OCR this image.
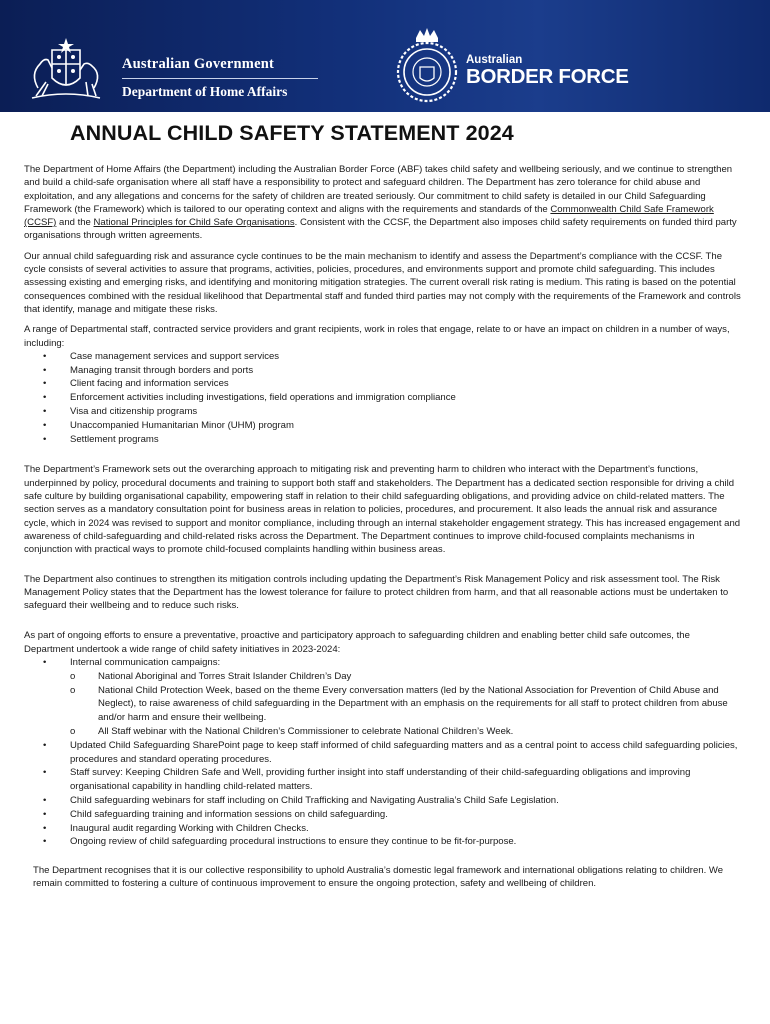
Australian Government
Department of Home Affairs
Australian
BORDER FORCE
ANNUAL CHILD SAFETY STATEMENT 2024

The Department of Home Affairs (the Department) including the Australian Border Force (ABF) takes child safety and wellbeing seriously, and we continue to strengthen and build a child-safe organisation where all staff have a responsibility to protect and safeguard children. The Department has zero tolerance for child abuse and exploitation, and any allegations and concerns for the safety of children are treated seriously. Our commitment to child safety is detailed in our Child Safeguarding Framework (the Framework) which is tailored to our operating context and aligns with the requirements and standards of the Commonwealth Child Safe Framework (CCSF) and the National Principles for Child Safe Organisations. Consistent with the CCSF, the Department also imposes child safety requirements on funded third party organisations through written agreements.

Our annual child safeguarding risk and assurance cycle continues to be the main mechanism to identify and assess the Department’s compliance with the CCSF. The cycle consists of several activities to assure that programs, activities, policies, procedures, and environments support and promote child safeguarding. This includes assessing existing and emerging risks, and identifying and monitoring mitigation strategies. The current overall risk rating is medium. This rating is based on the potential consequences combined with the residual likelihood that Departmental staff and funded third parties may not comply with the requirements of the Framework and controls that identify, manage and mitigate these risks.

A range of Departmental staff, contracted service providers and grant recipients, work in roles that engage, relate to or have an impact on children in a number of ways, including:

• Case management services and support services
• Managing transit through borders and ports
• Client facing and information services
• Enforcement activities including investigations, field operations and immigration compliance
• Visa and citizenship programs
• Unaccompanied Humanitarian Minor (UHM) program
• Settlement programs

The Department’s Framework sets out the overarching approach to mitigating risk and preventing harm to children who interact with the Department’s functions, underpinned by policy, procedural documents and training to support both staff and stakeholders. The Department has a dedicated section responsible for driving a child safe culture by building organisational capability, empowering staff in relation to their child safeguarding obligations, and providing advice on child-related matters. The section serves as a mandatory consultation point for business areas in relation to policies, procedures, and procurement. It also leads the annual risk and assurance cycle, which in 2024 was revised to support and monitor compliance, including through an internal stakeholder engagement strategy. This has increased engagement and awareness of child-safeguarding and child-related risks across the Department. The Department continues to improve child-focused complaints mechanisms in conjunction with practical ways to promote child-focused complaints handling within business areas.

The Department also continues to strengthen its mitigation controls including updating the Department’s Risk Management Policy and risk assessment tool. The Risk Management Policy states that the Department has the lowest tolerance for failure to protect children from harm, and that all reasonable actions must be undertaken to safeguard their wellbeing and to reduce such risks.

As part of ongoing efforts to ensure a preventative, proactive and participatory approach to safeguarding children and enabling better child safe outcomes, the Department undertook a wide range of child safety initiatives in 2023-2024:

• Internal communication campaigns:
o National Aboriginal and Torres Strait Islander Children’s Day
o National Child Protection Week, based on the theme Every conversation matters (led by the National Association for Prevention of Child Abuse and Neglect), to raise awareness of child safeguarding in the Department with an emphasis on the requirements for all staff to protect children from abuse and/or harm and ensure their wellbeing.
o All Staff webinar with the National Children’s Commissioner to celebrate National Children’s Week.
• Updated Child Safeguarding SharePoint page to keep staff informed of child safeguarding matters and as a central point to access child safeguarding policies, procedures and standard operating procedures.
• Staff survey: Keeping Children Safe and Well, providing further insight into staff understanding of their child-safeguarding obligations and improving organisational capability in handling child-related matters.
• Child safeguarding webinars for staff including on Child Trafficking and Navigating Australia’s Child Safe Legislation.
• Child safeguarding training and information sessions on child safeguarding.
• Inaugural audit regarding Working with Children Checks.
• Ongoing review of child safeguarding procedural instructions to ensure they continue to be fit-for-purpose.

The Department recognises that it is our collective responsibility to uphold Australia’s domestic legal framework and international obligations relating to children. We remain committed to fostering a culture of continuous improvement to ensure the ongoing protection, safety and wellbeing of children.
